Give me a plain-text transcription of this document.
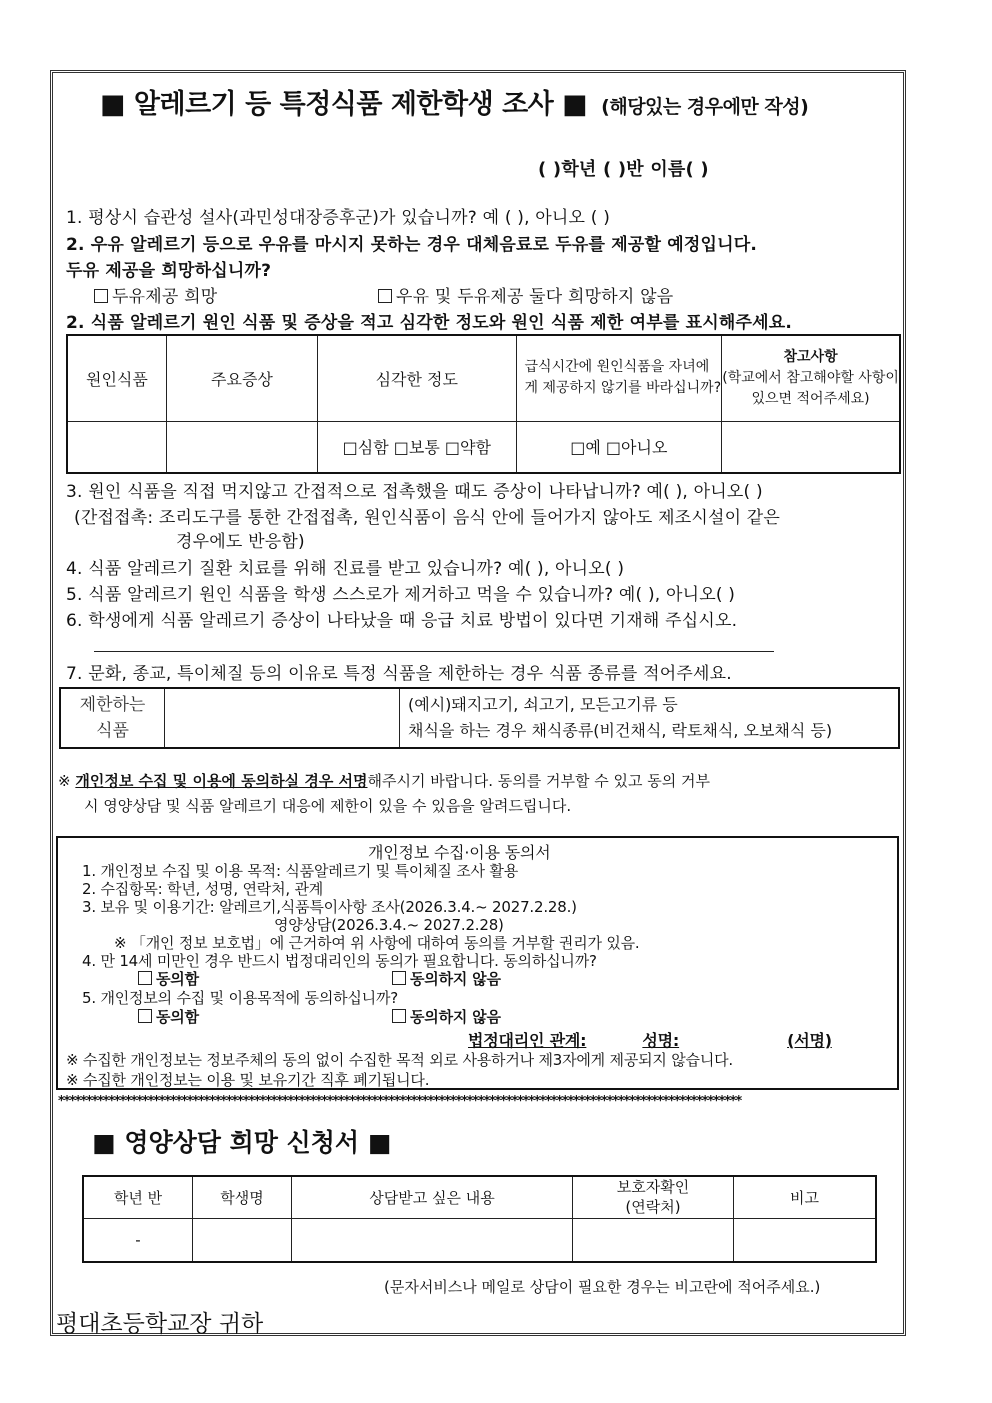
■ 알레르기 등 특정식품 제한학생 조사 ■ (해당있는 경우에만 작성)
( )학년 ( )반 이름( )
1. 평상시 습관성 설사(과민성대장증후군)가 있습니까? 예 ( ), 아니오 ( )
2. 우유 알레르기 등으로 우유를 마시지 못하는 경우 대체음료로 두유를 제공할 예정입니다.
두유 제공을 희망하십니까?
두유제공 희망	우유 및 두유제공 둘다 희망하지 않음
2. 식품 알레르기 원인 식품 및 증상을 적고 심각한 정도와 원인 식품 제한 여부를 표시해주세요.
원인식품	주요증상	심각한 정도	급식시간에 원인식품을 자녀에게 제공하지 않기를 바라십니까?	참고사항
(학교에서 참고해야할 사항이 있으면 적어주세요)
		□심함 □보통 □약함	□예 □아니오	
3. 원인 식품을 직접 먹지않고 간접적으로 접촉했을 때도 증상이 나타납니까? 예( ), 아니오( )
(간접접촉: 조리도구를 통한 간접접촉, 원인식품이 음식 안에 들어가지 않아도 제조시설이 같은
경우에도 반응함)
4. 식품 알레르기 질환 치료를 위해 진료를 받고 있습니까? 예( ), 아니오( )
5. 식품 알레르기 원인 식품을 학생 스스로가 제거하고 먹을 수 있습니까? 예( ), 아니오( )
6. 학생에게 식품 알레르기 증상이 나타났을 때 응급 치료 방법이 있다면 기재해 주십시오.
7. 문화, 종교, 특이체질 등의 이유로 특정 식품을 제한하는 경우 식품 종류를 적어주세요.
제한하는
식품		(예시)돼지고기, 쇠고기, 모든고기류 등
채식을 하는 경우 채식종류(비건채식, 락토채식, 오보채식 등)
※ 개인정보 수집 및 이용에 동의하실 경우 서명해주시기 바랍니다. 동의를 거부할 수 있고 동의 거부
시 영양상담 및 식품 알레르기 대응에 제한이 있을 수 있음을 알려드립니다.
개인정보 수집·이용 동의서
1. 개인정보 수집 및 이용 목적: 식품알레르기 및 특이체질 조사 활용
2. 수집항목: 학년, 성명, 연락처, 관계
3. 보유 및 이용기간: 알레르기,식품특이사항 조사(2026.3.4.~ 2027.2.28.)
영양상담(2026.3.4.~ 2027.2.28)
※ 「개인 정보 보호법」에 근거하여 위 사항에 대하여 동의를 거부할 권리가 있음.
4. 만 14세 미만인 경우 반드시 법정대리인의 동의가 필요합니다. 동의하십니까?
동의함	동의하지 않음
5. 개인정보의 수집 및 이용목적에 동의하십니까?
동의함	동의하지 않음
법정대리인 관계:	성명:	(서명)
※ 수집한 개인정보는 정보주체의 동의 없이 수집한 목적 외로 사용하거나 제3자에게 제공되지 않습니다.
※ 수집한 개인정보는 이용 및 보유기간 직후 폐기됩니다.
**************************************************************************************************************************
■ 영양상담 희망 신청서 ■
학년 반	학생명	상담받고 싶은 내용	보호자확인
(연락처)	비고
-				
(문자서비스나 메일로 상담이 필요한 경우는 비고란에 적어주세요.)
평대초등학교장 귀하
